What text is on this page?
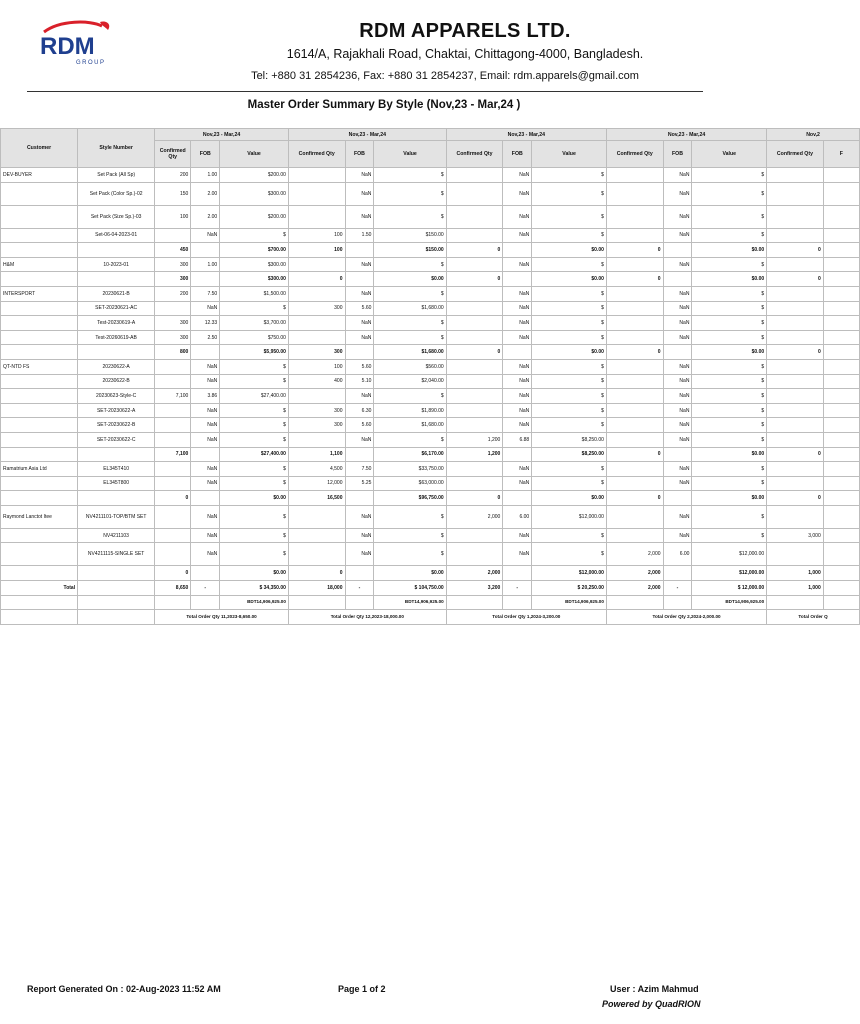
RDM
GROUP
RDM APPARELS LTD.
1614/A, Rajakhali Road, Chaktai, Chittagong-4000, Bangladesh.
Tel: +880 31 2854236, Fax: +880 31 2854237, Email: rdm.apparels@gmail.com
Master Order Summary By Style (Nov,23 - Mar,24 )
Customer	Style Number	Nov,23 - Mar,24			Nov,23 - Mar,24			Nov,23 - Mar,24			Nov,23 - Mar,24			Nov,2	
		Confirmed Qty	FOB	Value	Confirmed Qty	FOB	Value	Confirmed Qty	FOB	Value	Confirmed Qty	FOB	Value	Confirmed Qty	F
DEV-BUYER	Set Pack (All Sp)	200	1.00	$200.00		NaN	$		NaN	$		NaN	$		
	Set Pack (Color Sp.)-02	150	2.00	$300.00		NaN	$		NaN	$		NaN	$		
	Set Pack (Size Sp.)-03	100	2.00	$200.00		NaN	$		NaN	$		NaN	$		
	Set-06-04-2023-01		NaN	$	100	1.50	$150.00		NaN	$		NaN	$		
		450		$700.00	100		$150.00	0		$0.00	0		$0.00	0	
H&M	10-2023-01	300	1.00	$300.00		NaN	$		NaN	$		NaN	$		
		300		$300.00	0		$0.00	0		$0.00	0		$0.00	0	
INTERSPORT	20230621-B	200	7.50	$1,500.00		NaN	$		NaN	$		NaN	$		
	SET-20230621-AC		NaN	$	300	5.60	$1,680.00		NaN	$		NaN	$		
	Test-20230619-A	300	12.33	$3,700.00		NaN	$		NaN	$		NaN	$		
	Test-20260619-AB	300	2.50	$750.00		NaN	$		NaN	$		NaN	$		
		800		$5,950.00	300		$1,680.00	0		$0.00	0		$0.00	0	
QT-NTD FS	20230622-A		NaN	$	100	5.60	$560.00		NaN	$		NaN	$		
	20230622-B		NaN	$	400	5.10	$2,040.00		NaN	$		NaN	$		
	20230623-Style-C	7,100	3.86	$27,400.00		NaN	$		NaN	$		NaN	$		
	SET-20230622-A		NaN	$	300	6.30	$1,890.00		NaN	$		NaN	$		
	SET-20230622-B		NaN	$	300	5.60	$1,680.00		NaN	$		NaN	$		
	SET-20230622-C		NaN	$		NaN	$	1,200	6.88	$8,250.00		NaN	$		
		7,100		$27,400.00	1,100		$6,170.00	1,200		$8,250.00	0		$0.00	0	
Ramatrium Asia Ltd	EL345T410		NaN	$	4,500	7.50	$33,750.00		NaN	$		NaN	$		
	EL345T800		NaN	$	12,000	5.25	$63,000.00		NaN	$		NaN	$		
		0		$0.00	16,500		$96,750.00	0		$0.00	0		$0.00	0	
Raymond Lanctot Itee	NV4211101-TOP/BTM SET		NaN	$		NaN	$	2,000	6.00	$12,000.00		NaN	$		
	NV4211103		NaN	$		NaN	$		NaN	$		NaN	$	3,000	
	NV4211115-SINGLE SET		NaN	$		NaN	$		NaN	$	2,000	6.00	$12,000.00		
		0		$0.00	0		$0.00	2,000		$12,000.00	2,000		$12,000.00	1,000	
Total		8,650	-	$ 34,350.00	18,000	-	$ 104,750.00	3,200	-	$ 20,250.00	2,000	-	$ 12,000.00	1,000	
				BDT14,906,925.00			BDT14,906,925.00			BDT14,906,925.00			BDT14,906,925.00		
		Total Order Qty 11,2023-8,650.00			Total Order Qty 12,2023-18,000.00			Total Order Qty 1,2024-3,200.00			Total Order Qty 2,2024-2,000.00			Total Order Q	
Report Generated On : 02-Aug-2023 11:52 AM	Page 1 of 2	User : Azim Mahmud
Powered by QuadRION
